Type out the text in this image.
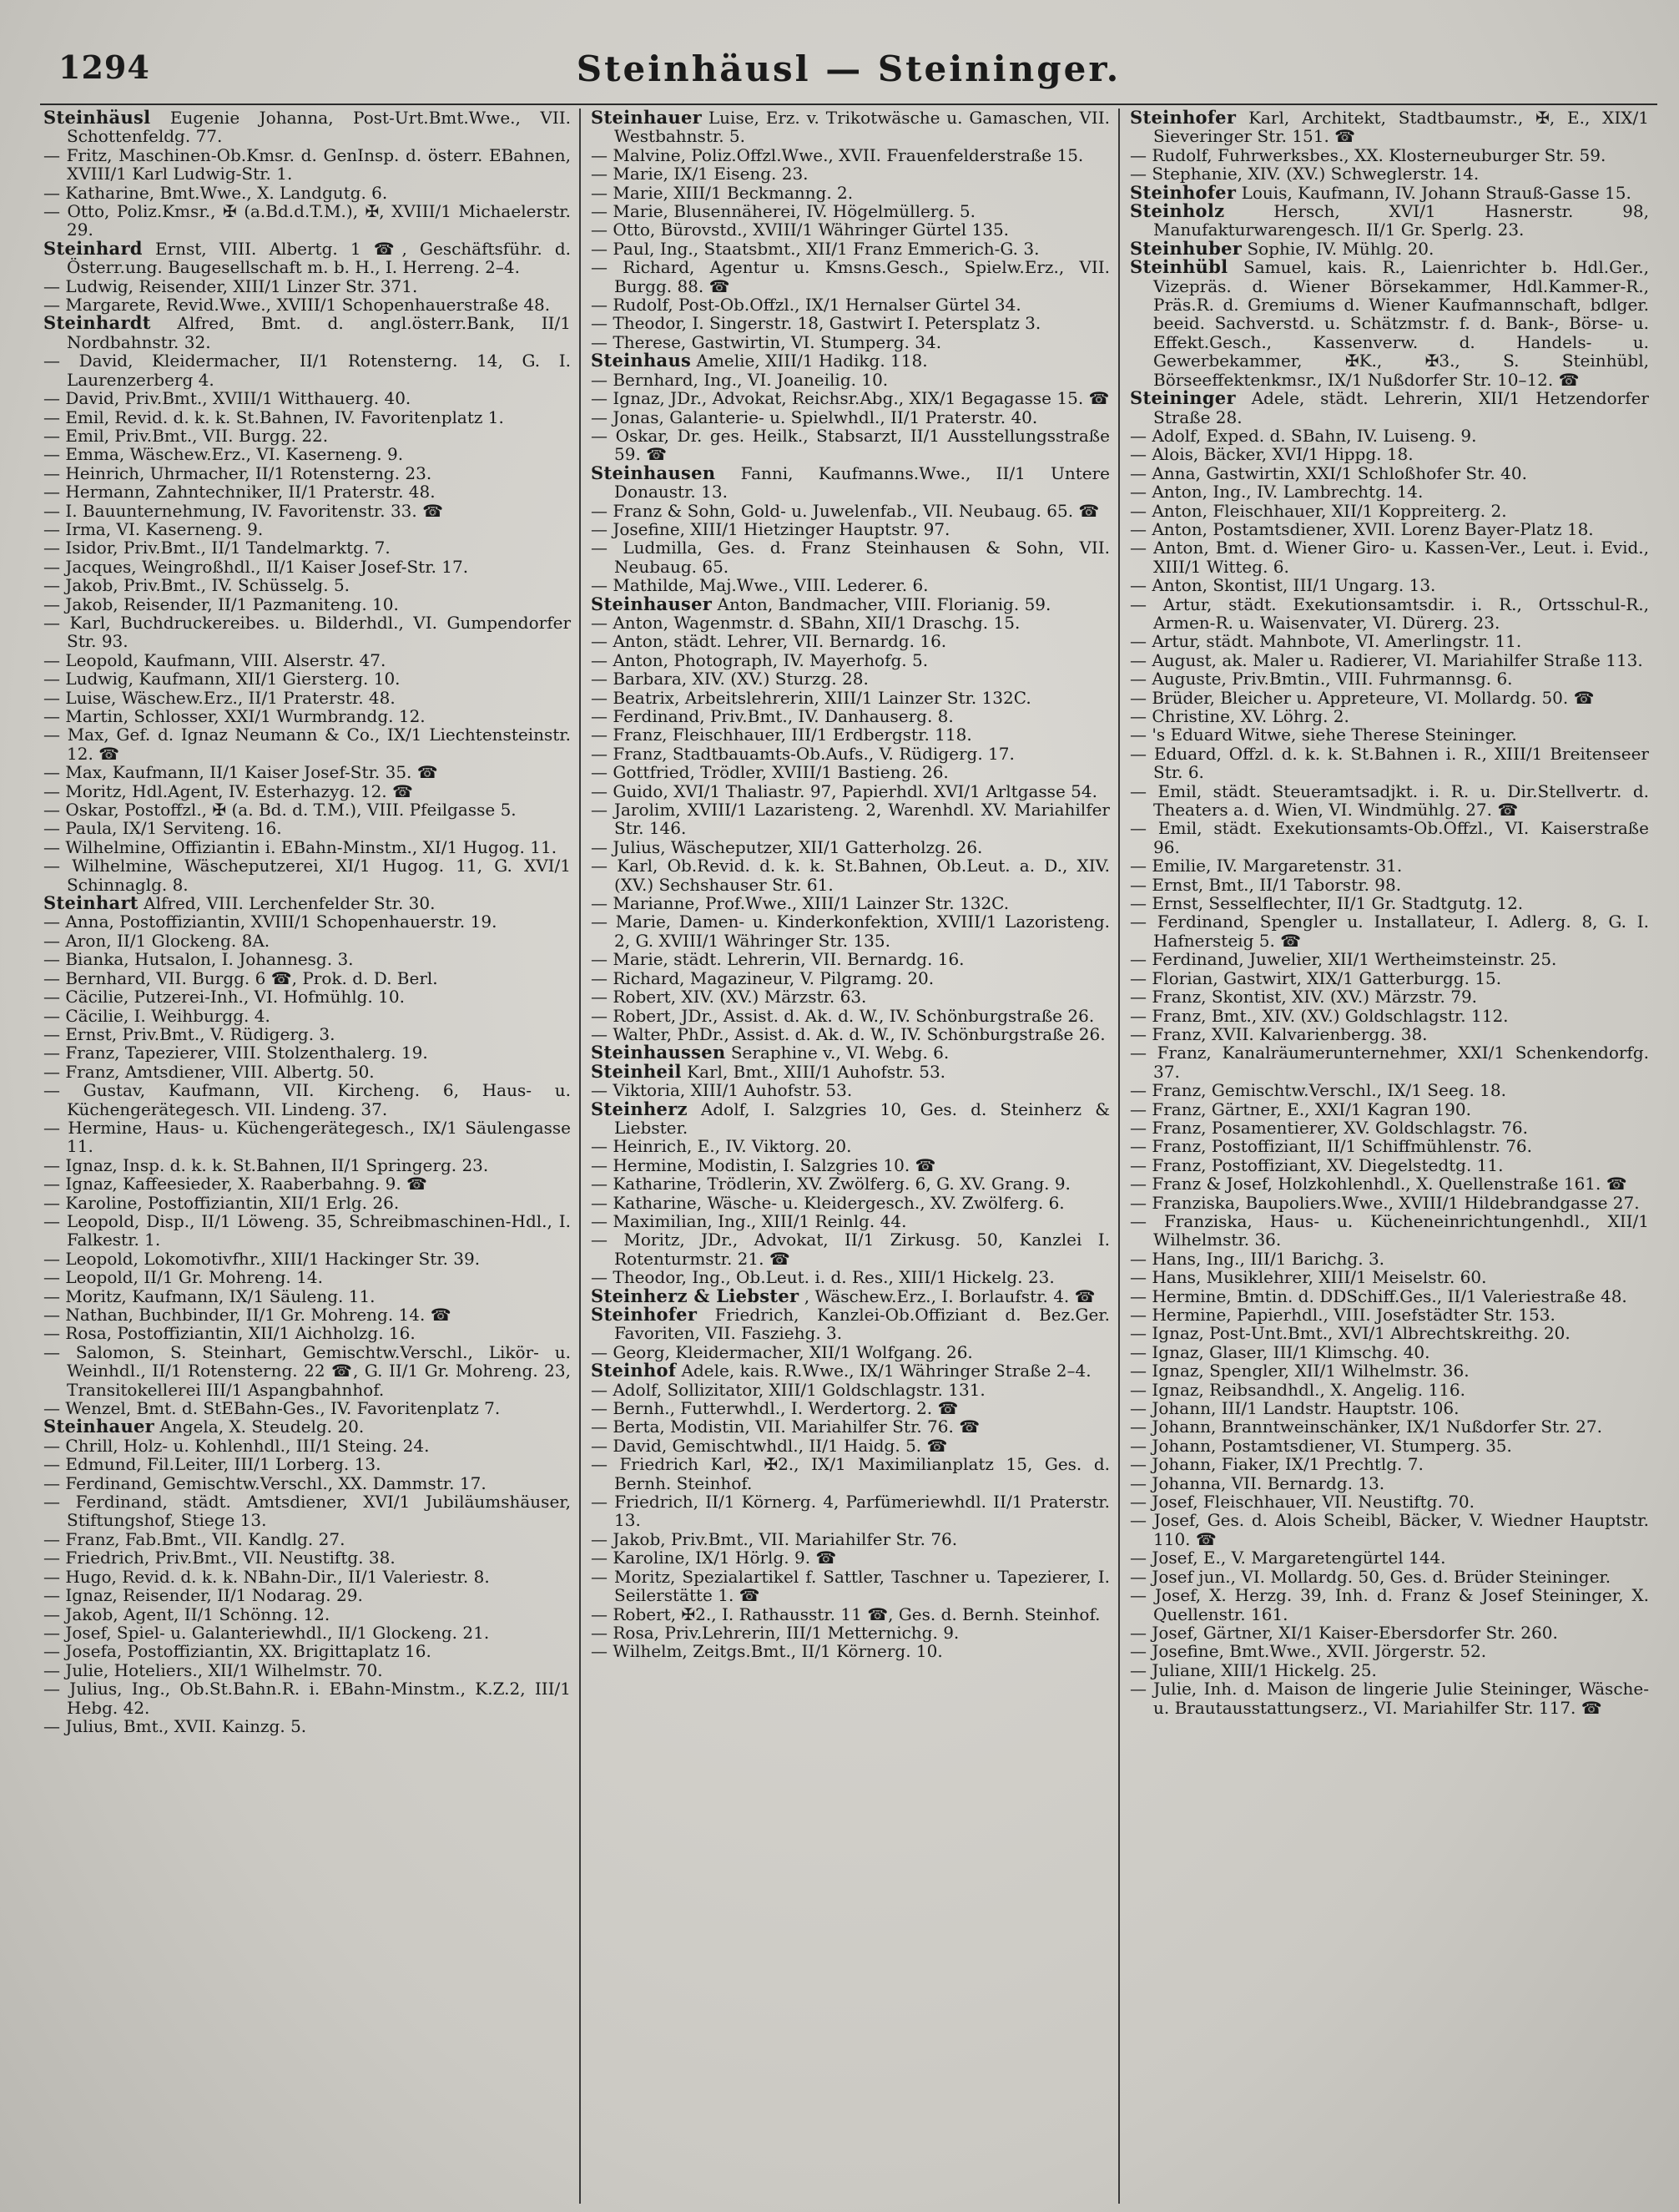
1294	Steinhäusl — Steininger.
Steinhäusl Eugenie Johanna, Post-Urt.Bmt.Wwe., VII. Schottenfeldg. 77.
— Fritz, Maschinen-Ob.Kmsr. d. GenInsp. d. österr. EBahnen, XVIII/1 Karl Ludwig-Str. 1.
— Katharine, Bmt.Wwe., X. Landgutg. 6.
— Otto, Poliz.Kmsr., ✠ (a.Bd.d.T.M.), ✠, XVIII/1 Michaelerstr. 29.
Steinhard Ernst, VIII. Albertg. 1 ☎, Geschäftsführ. d. Österr.ung. Baugesellschaft m. b. H., I. Herreng. 2–4.
— Ludwig, Reisender, XIII/1 Linzer Str. 371.
— Margarete, Revid.Wwe., XVIII/1 Schopenhauerstraße 48.
Steinhardt Alfred, Bmt. d. angl.österr.Bank, II/1 Nordbahnstr. 32.
— David, Kleidermacher, II/1 Rotensterng. 14, G. I. Laurenzerberg 4.
— David, Priv.Bmt., XVIII/1 Witthauerg. 40.
— Emil, Revid. d. k. k. St.Bahnen, IV. Favoritenplatz 1.
— Emil, Priv.Bmt., VII. Burgg. 22.
— Emma, Wäschew.Erz., VI. Kaserneng. 9.
— Heinrich, Uhrmacher, II/1 Rotensterng. 23.
— Hermann, Zahntechniker, II/1 Praterstr. 48.
— I. Bauunternehmung, IV. Favoritenstr. 33. ☎
— Irma, VI. Kaserneng. 9.
— Isidor, Priv.Bmt., II/1 Tandelmarktg. 7.
— Jacques, Weingroßhdl., II/1 Kaiser Josef-Str. 17.
— Jakob, Priv.Bmt., IV. Schüsselg. 5.
— Jakob, Reisender, II/1 Pazmaniteng. 10.
— Karl, Buchdruckereibes. u. Bilderhdl., VI. Gumpendorfer Str. 93.
— Leopold, Kaufmann, VIII. Alserstr. 47.
— Ludwig, Kaufmann, XII/1 Giersterg. 10.
— Luise, Wäschew.Erz., II/1 Praterstr. 48.
— Martin, Schlosser, XXI/1 Wurmbrandg. 12.
— Max, Gef. d. Ignaz Neumann & Co., IX/1 Liechtensteinstr. 12. ☎
— Max, Kaufmann, II/1 Kaiser Josef-Str. 35. ☎
— Moritz, Hdl.Agent, IV. Esterhazyg. 12. ☎
— Oskar, Postoffzl., ✠ (a. Bd. d. T.M.), VIII. Pfeilgasse 5.
— Paula, IX/1 Serviteng. 16.
— Wilhelmine, Offiziantin i. EBahn-Minstm., XI/1 Hugog. 11.
— Wilhelmine, Wäscheputzerei, XI/1 Hugog. 11, G. XVI/1 Schinnaglg. 8.
Steinhart Alfred, VIII. Lerchenfelder Str. 30.
— Anna, Postoffiziantin, XVIII/1 Schopenhauerstr. 19.
— Aron, II/1 Glockeng. 8A.
— Bianka, Hutsalon, I. Johannesg. 3.
— Bernhard, VII. Burgg. 6 ☎, Prok. d. D. Berl.
— Cäcilie, Putzerei-Inh., VI. Hofmühlg. 10.
— Cäcilie, I. Weihburgg. 4.
— Ernst, Priv.Bmt., V. Rüdigerg. 3.
— Franz, Tapezierer, VIII. Stolzenthalerg. 19.
— Franz, Amtsdiener, VIII. Albertg. 50.
— Gustav, Kaufmann, VII. Kircheng. 6, Haus- u. Küchengerätegesch. VII. Lindeng. 37.
— Hermine, Haus- u. Küchengerätegesch., IX/1 Säulengasse 11.
— Ignaz, Insp. d. k. k. St.Bahnen, II/1 Springerg. 23.
— Ignaz, Kaffeesieder, X. Raaberbahng. 9. ☎
— Karoline, Postoffiziantin, XII/1 Erlg. 26.
— Leopold, Disp., II/1 Löweng. 35, Schreibmaschinen-Hdl., I. Falkestr. 1.
— Leopold, Lokomotivfhr., XIII/1 Hackinger Str. 39.
— Leopold, II/1 Gr. Mohreng. 14.
— Moritz, Kaufmann, IX/1 Säuleng. 11.
— Nathan, Buchbinder, II/1 Gr. Mohreng. 14. ☎
— Rosa, Postoffiziantin, XII/1 Aichholzg. 16.
— Salomon, S. Steinhart, Gemischtw.Verschl., Likör- u. Weinhdl., II/1 Rotensterng. 22 ☎, G. II/1 Gr. Mohreng. 23, Transitokellerei III/1 Aspangbahnhof.
— Wenzel, Bmt. d. StEBahn-Ges., IV. Favoritenplatz 7.
Steinhauer Angela, X. Steudelg. 20.
— Chrill, Holz- u. Kohlenhdl., III/1 Steing. 24.
— Edmund, Fil.Leiter, III/1 Lorberg. 13.
— Ferdinand, Gemischtw.Verschl., XX. Dammstr. 17.
— Ferdinand, städt. Amtsdiener, XVI/1 Jubiläumshäuser, Stiftungshof, Stiege 13.
— Franz, Fab.Bmt., VII. Kandlg. 27.
— Friedrich, Priv.Bmt., VII. Neustiftg. 38.
— Hugo, Revid. d. k. k. NBahn-Dir., II/1 Valeriestr. 8.
— Ignaz, Reisender, II/1 Nodarag. 29.
— Jakob, Agent, II/1 Schönng. 12.
— Josef, Spiel- u. Galanteriewhdl., II/1 Glockeng. 21.
— Josefa, Postoffiziantin, XX. Brigittaplatz 16.
— Julie, Hoteliers., XII/1 Wilhelmstr. 70.
— Julius, Ing., Ob.St.Bahn.R. i. EBahn-Minstm., K.Z.2, III/1 Hebg. 42.
— Julius, Bmt., XVII. Kainzg. 5.
Steinhauer Luise, Erz. v. Trikotwäsche u. Gamaschen, VII. Westbahnstr. 5.
— Malvine, Poliz.Offzl.Wwe., XVII. Frauenfelderstraße 15.
— Marie, IX/1 Eiseng. 23.
— Marie, XIII/1 Beckmanng. 2.
— Marie, Blusennäherei, IV. Högelmüllerg. 5.
— Otto, Bürovstd., XVIII/1 Währinger Gürtel 135.
— Paul, Ing., Staatsbmt., XII/1 Franz Emmerich-G. 3.
— Richard, Agentur u. Kmsns.Gesch., Spielw.Erz., VII. Burgg. 88. ☎
— Rudolf, Post-Ob.Offzl., IX/1 Hernalser Gürtel 34.
— Theodor, I. Singerstr. 18, Gastwirt I. Petersplatz 3.
— Therese, Gastwirtin, VI. Stumperg. 34.
Steinhaus Amelie, XIII/1 Hadikg. 118.
— Bernhard, Ing., VI. Joaneilig. 10.
— Ignaz, JDr., Advokat, Reichsr.Abg., XIX/1 Begagasse 15. ☎
— Jonas, Galanterie- u. Spielwhdl., II/1 Praterstr. 40.
— Oskar, Dr. ges. Heilk., Stabsarzt, II/1 Ausstellungsstraße 59. ☎
Steinhausen Fanni, Kaufmanns.Wwe., II/1 Untere Donaustr. 13.
— Franz & Sohn, Gold- u. Juwelenfab., VII. Neubaug. 65. ☎
— Josefine, XIII/1 Hietzinger Hauptstr. 97.
— Ludmilla, Ges. d. Franz Steinhausen & Sohn, VII. Neubaug. 65.
— Mathilde, Maj.Wwe., VIII. Lederer. 6.
Steinhauser Anton, Bandmacher, VIII. Florianig. 59.
— Anton, Wagenmstr. d. SBahn, XII/1 Draschg. 15.
— Anton, städt. Lehrer, VII. Bernardg. 16.
— Anton, Photograph, IV. Mayerhofg. 5.
— Barbara, XIV. (XV.) Sturzg. 28.
— Beatrix, Arbeitslehrerin, XIII/1 Lainzer Str. 132C.
— Ferdinand, Priv.Bmt., IV. Danhauserg. 8.
— Franz, Fleischhauer, III/1 Erdbergstr. 118.
— Franz, Stadtbauamts-Ob.Aufs., V. Rüdigerg. 17.
— Gottfried, Trödler, XVIII/1 Bastieng. 26.
— Guido, XVI/1 Thaliastr. 97, Papierhdl. XVI/1 Arltgasse 54.
— Jarolim, XVIII/1 Lazaristeng. 2, Warenhdl. XV. Mariahilfer Str. 146.
— Julius, Wäscheputzer, XII/1 Gatterholzg. 26.
— Karl, Ob.Revid. d. k. k. St.Bahnen, Ob.Leut. a. D., XIV. (XV.) Sechshauser Str. 61.
— Marianne, Prof.Wwe., XIII/1 Lainzer Str. 132C.
— Marie, Damen- u. Kinderkonfektion, XVIII/1 Lazoristeng. 2, G. XVIII/1 Währinger Str. 135.
— Marie, städt. Lehrerin, VII. Bernardg. 16.
— Richard, Magazineur, V. Pilgramg. 20.
— Robert, XIV. (XV.) Märzstr. 63.
— Robert, JDr., Assist. d. Ak. d. W., IV. Schönburgstraße 26.
— Walter, PhDr., Assist. d. Ak. d. W., IV. Schönburgstraße 26.
Steinhaussen Seraphine v., VI. Webg. 6.
Steinheil Karl, Bmt., XIII/1 Auhofstr. 53.
— Viktoria, XIII/1 Auhofstr. 53.
Steinherz Adolf, I. Salzgries 10, Ges. d. Steinherz & Liebster.
— Heinrich, E., IV. Viktorg. 20.
— Hermine, Modistin, I. Salzgries 10. ☎
— Katharine, Trödlerin, XV. Zwölferg. 6, G. XV. Grang. 9.
— Katharine, Wäsche- u. Kleidergesch., XV. Zwölferg. 6.
— Maximilian, Ing., XIII/1 Reinlg. 44.
— Moritz, JDr., Advokat, II/1 Zirkusg. 50, Kanzlei I. Rotenturmstr. 21. ☎
— Theodor, Ing., Ob.Leut. i. d. Res., XIII/1 Hickelg. 23.
Steinherz & Liebster , Wäschew.Erz., I. Borlaufstr. 4. ☎
Steinhofer Friedrich, Kanzlei-Ob.Offiziant d. Bez.Ger. Favoriten, VII. Fasziehg. 3.
— Georg, Kleidermacher, XII/1 Wolfgang. 26.
Steinhof Adele, kais. R.Wwe., IX/1 Währinger Straße 2–4.
— Adolf, Sollizitator, XIII/1 Goldschlagstr. 131.
— Bernh., Futterwhdl., I. Werdertorg. 2. ☎
— Berta, Modistin, VII. Mariahilfer Str. 76. ☎
— David, Gemischtwhdl., II/1 Haidg. 5. ☎
— Friedrich Karl, ✠2., IX/1 Maximilianplatz 15, Ges. d. Bernh. Steinhof.
— Friedrich, II/1 Körnerg. 4, Parfümeriewhdl. II/1 Praterstr. 13.
— Jakob, Priv.Bmt., VII. Mariahilfer Str. 76.
— Karoline, IX/1 Hörlg. 9. ☎
— Moritz, Spezialartikel f. Sattler, Taschner u. Tapezierer, I. Seilerstätte 1. ☎
— Robert, ✠2., I. Rathausstr. 11 ☎, Ges. d. Bernh. Steinhof.
— Rosa, Priv.Lehrerin, III/1 Metternichg. 9.
— Wilhelm, Zeitgs.Bmt., II/1 Körnerg. 10.
Steinhofer Karl, Architekt, Stadtbaumstr., ✠, E., XIX/1 Sieveringer Str. 151. ☎
— Rudolf, Fuhrwerksbes., XX. Klosterneuburger Str. 59.
— Stephanie, XIV. (XV.) Schweglerstr. 14.
Steinhofer Louis, Kaufmann, IV. Johann Strauß-Gasse 15.
Steinholz	Hersch, XVI/1 Hasnerstr. 98, Manufakturwarengesch. II/1 Gr. Sperlg. 23.
Steinhuber Sophie, IV. Mühlg. 20.
Steinhübl Samuel, kais. R., Laienrichter b. Hdl.Ger., Vizepräs. d. Wiener Börsekammer, Hdl.Kammer-R., Präs.R. d. Gremiums d. Wiener Kaufmannschaft, bdlger. beeid. Sachverstd. u. Schätzmstr. f. d. Bank-, Börse- u. Effekt.Gesch., Kassenverw. d. Handels- u. Gewerbekammer, ✠K., ✠3., S. Steinhübl, Börseeffektenkmsr., IX/1 Nußdorfer Str. 10–12. ☎
Steininger Adele, städt. Lehrerin, XII/1 Hetzendorfer Straße 28.
— Adolf, Exped. d. SBahn, IV. Luiseng. 9.
— Alois, Bäcker, XVI/1 Hippg. 18.
— Anna, Gastwirtin, XXI/1 Schloßhofer Str. 40.
— Anton, Ing., IV. Lambrechtg. 14.
— Anton, Fleischhauer, XII/1 Koppreiterg. 2.
— Anton, Postamtsdiener, XVII. Lorenz Bayer-Platz 18.
— Anton, Bmt. d. Wiener Giro- u. Kassen-Ver., Leut. i. Evid., XIII/1 Witteg. 6.
— Anton, Skontist, III/1 Ungarg. 13.
— Artur, städt. Exekutionsamtsdir. i. R., Ortsschul-R., Armen-R. u. Waisenvater, VI. Dürerg. 23.
— Artur, städt. Mahnbote, VI. Amerlingstr. 11.
— August, ak. Maler u. Radierer, VI. Mariahilfer Straße 113.
— Auguste, Priv.Bmtin., VIII. Fuhrmannsg. 6.
— Brüder, Bleicher u. Appreteure, VI. Mollardg. 50. ☎
— Christine, XV. Löhrg. 2.
— 's Eduard Witwe, siehe Therese Steininger.
— Eduard, Offzl. d. k. k. St.Bahnen i. R., XIII/1 Breitenseer Str. 6.
— Emil, städt. Steueramtsadjkt. i. R. u. Dir.Stellvertr. d. Theaters a. d. Wien, VI. Windmühlg. 27. ☎
— Emil, städt. Exekutionsamts-Ob.Offzl., VI. Kaiserstraße 96.
— Emilie, IV. Margaretenstr. 31.
— Ernst, Bmt., II/1 Taborstr. 98.
— Ernst, Sesselflechter, II/1 Gr. Stadtgutg. 12.
— Ferdinand, Spengler u. Installateur, I. Adlerg. 8, G. I. Hafnersteig 5. ☎
— Ferdinand, Juwelier, XII/1 Wertheimsteinstr. 25.
— Florian, Gastwirt, XIX/1 Gatterburgg. 15.
— Franz, Skontist, XIV. (XV.) Märzstr. 79.
— Franz, Bmt., XIV. (XV.) Goldschlagstr. 112.
— Franz, XVII. Kalvarienbergg. 38.
— Franz, Kanalräumerunternehmer, XXI/1 Schenkendorfg. 37.
— Franz, Gemischtw.Verschl., IX/1 Seeg. 18.
— Franz, Gärtner, E., XXI/1 Kagran 190.
— Franz, Posamentierer, XV. Goldschlagstr. 76.
— Franz, Postoffiziant, II/1 Schiffmühlenstr. 76.
— Franz, Postoffiziant, XV. Diegelstedtg. 11.
— Franz & Josef, Holzkohlenhdl., X. Quellenstraße 161. ☎
— Franziska, Baupoliers.Wwe., XVIII/1 Hildebrandgasse 27.
— Franziska, Haus- u. Kücheneinrichtungenhdl., XII/1 Wilhelmstr. 36.
— Hans, Ing., III/1 Barichg. 3.
— Hans, Musiklehrer, XIII/1 Meiselstr. 60.
— Hermine, Bmtin. d. DDSchiff.Ges., II/1 Valeriestraße 48.
— Hermine, Papierhdl., VIII. Josefstädter Str. 153.
— Ignaz, Post-Unt.Bmt., XVI/1 Albrechtskreithg. 20.
— Ignaz, Glaser, III/1 Klimschg. 40.
— Ignaz, Spengler, XII/1 Wilhelmstr. 36.
— Ignaz, Reibsandhdl., X. Angelig. 116.
— Johann, III/1 Landstr. Hauptstr. 106.
— Johann, Branntweinschänker, IX/1 Nußdorfer Str. 27.
— Johann, Postamtsdiener, VI. Stumperg. 35.
— Johann, Fiaker, IX/1 Prechtlg. 7.
— Johanna, VII. Bernardg. 13.
— Josef, Fleischhauer, VII. Neustiftg. 70.
— Josef, Ges. d. Alois Scheibl, Bäcker, V. Wiedner Hauptstr. 110. ☎
— Josef, E., V. Margaretengürtel 144.
— Josef jun., VI. Mollardg. 50, Ges. d. Brüder Steininger.
— Josef, X. Herzg. 39, Inh. d. Franz & Josef Steininger, X. Quellenstr. 161.
— Josef, Gärtner, XI/1 Kaiser-Ebersdorfer Str. 260.
— Josefine, Bmt.Wwe., XVII. Jörgerstr. 52.
— Juliane, XIII/1 Hickelg. 25.
— Julie, Inh. d. Maison de lingerie Julie Steininger, Wäsche- u. Brautausstattungserz., VI. Mariahilfer Str. 117. ☎
